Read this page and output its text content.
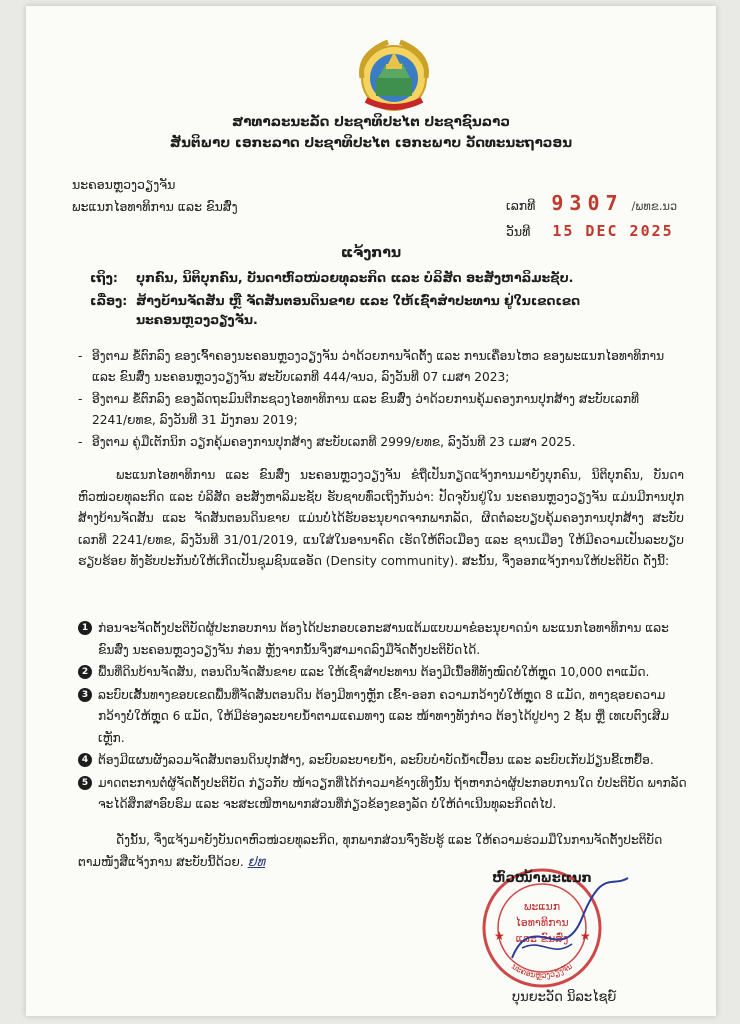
ສາທາລະນະລັດ ປະຊາທິປະໄຕ ປະຊາຊົນລາວ
ສັນຕິພາບ ເອກະລາດ ປະຊາທິປະໄຕ ເອກະພາບ ວັດທະນະຖາວອນ
ນະຄອນຫຼວງວຽງຈັນ
ພະແນກໄອທາທິການ ແລະ ຂົນສົ່ງ	ເລກທີ 9307 /ພທຂ.ນວ
ວັນທີ 15 DEC 2025
ແຈ້ງການ
ເຖິງ: ບຸກຄົນ, ນິຕິບຸກຄົນ, ບັນດາຫົວໜ່ວຍທຸລະກິດ ແລະ ບໍລິສັດ ອະສັງຫາລິມະຊັບ.
ເລື່ອງ: ສ້າງບ້ານຈັດສັນ ຫຼື ຈັດສັນຕອນດິນຂາຍ ແລະ ໃຫ້ເຊົ່າສຳປະທານ ຢູ່ໃນເຂດເຂດ
ນະຄອນຫຼວງວຽງຈັນ.
- ອີງຕາມ ຂໍ້ຕົກລົງ ຂອງເຈົ້າຄອງນະຄອນຫຼວງວຽງຈັນ ວ່າດ້ວຍການຈັດຕັ້ງ ແລະ ການເຄື່ອນໄຫວ ຂອງພະແນກໄອທາທິການ ແລະ ຂົນສົ່ງ ນະຄອນຫຼວງວຽງຈັນ ສະບັບເລກທີ 444/ຈນວ, ລົງວັນທີ 07 ເມສາ 2023;
- ອີງຕາມ ຂໍ້ຕົກລົງ ຂອງລັດຖະມົນຕີກະຊວງໄອທາທິການ ແລະ ຂົນສົ່ງ ວ່າດ້ວຍການຄຸ້ມຄອງການປຸກສ້າງ ສະບັບເລກທີ 2241/ຍທຂ, ລົງວັນທີ 31 ມັງກອນ 2019;
- ອີງຕາມ ຄູ່ມືເຕັກນິກ ວຽກຄຸ້ມຄອງການປຸກສ້າງ ສະບັບເລກທີ 2999/ຍທຂ, ລົງວັນທີ 23 ເມສາ 2025.

ພະແນກໄອທາທິການ ແລະ ຂົນສົ່ງ ນະຄອນຫຼວງວຽງຈັນ ຂໍຖືເປັນກຽດແຈ້ງການມາຍັງບຸກຄົນ, ນິຕິບຸກຄົນ, ບັນດາຫົວໜ່ວຍທຸລະກິດ ແລະ ບໍລິສັດ ອະສັງຫາລິມະຊັບ ຮັບຊາບທົ່ວເຖິງກັນວ່າ: ປັດຈຸບັນຢູ່ໃນ ນະຄອນຫຼວງວຽງຈັນ ແມ່ນມີການປຸກສ້າງບ້ານຈັດສັນ ແລະ ຈັດສັນຕອນດິນຂາຍ ແມ່ນບໍ່ໄດ້ຮັບອະນຸຍາດຈາກພາກລັດ, ຜິດຕໍ່ລະບຽບຄຸ້ມຄອງການປຸກສ້າງ ສະບັບເລກທີ 2241/ຍທຂ, ລົງວັນທີ 31/01/2019, ແນໃສ່ໃນອານາຄົດ ເຮັດໃຫ້ຕົວເມືອງ ແລະ ຊານເມືອງ ໃຫ້ມີຄວາມເປັນລະບຽບຮຽບຮ້ອຍ ທັງຮັບປະກັນບໍ່ໃຫ້ເກີດເປັນຊຸມຊົນແອອັດ (Density community). ສະນັ້ນ, ຈຶ່ງອອກແຈ້ງການໃຫ້ປະຕິບັດ ດັ່ງນີ້:

1 ກ່ອນຈະຈັດຕັ້ງປະຕິບັດຜູ້ປະກອບການ ຕ້ອງໄດ້ປະກອບເອກະສານແຕ້ມແບບມາຂໍອະນຸຍາດນຳ ພະແນກໄອທາທິການ ແລະ ຂົນສົ່ງ ນະຄອນຫຼວງວຽງຈັນ ກ່ອນ ຫຼັງຈາກນັ້ນຈຶ່ງສາມາດລົງມືຈັດຕັ້ງປະຕິບັດໄດ້.
2 ພື້ນທີ່ດິນບ້ານຈັດສັນ, ຕອນດິນຈັດສັນຂາຍ ແລະ ໃຫ້ເຊົ່າສຳປະທານ ຕ້ອງມີເນື້ອທີ່ທັງໝົດບໍ່ໃຫ້ຫຼຸດ 10,000 ຕາແມັດ.
3 ລະບົບເສັ້ນທາງຂອບເຂດພື້ນທີ່ຈັດສັນຕອນດິນ ຕ້ອງມີທາງຫຼັກ ເຂົ້າ-ອອກ ຄວາມກວ້າງບໍ່ໃຫ້ຫຼຸດ 8 ແມັດ, ທາງຊອຍຄວາມກວ້າງບໍ່ໃຫ້ຫຼຸດ 6 ແມັດ, ໃຫ້ມີຮ່ອງລະບາຍນ້ຳຕາມແຄມທາງ ແລະ ໜ້າທາງທັງກ່າວ ຕ້ອງໄດ້ປູປາງ 2 ຊັ້ນ ຫຼື ເທເບຕົງເສີມເຫຼັກ.
4 ຕ້ອງມີແຜນຜັງລວມຈັດສັນຕອນດິນປຸກສ້າງ, ລະບົບລະບາຍນ້ຳ, ລະບົບບຳບັດນ້ຳເປື້ອນ ແລະ ລະບົບເກັບມ້ຽນຂີ້ເຫຍື້ອ.
5 ມາດຕະການຕໍ່ຜູ້ຈັດຕັ້ງປະຕິບັດ ກ່ຽວກັບ ໜ້າວຽກທີ່ໄດ້ກ່າວມາຂ້າງເທິງນັ້ນ ຖ້າຫາກວ່າຜູ້ປະກອບການໃດ ບໍ່ປະຕິບັດ ພາກລັດ ຈະໄດ້ສຶກສາອົບຮົມ ແລະ ຈະສະເໜີຫາພາກສ່ວນທີ່ກ່ຽວຂ້ອງຂອງລັດ ບໍ່ໃຫ້ດຳເນີນທຸລະກິດຕໍ່ໄປ.

ດັ່ງນັ້ນ, ຈຶ່ງແຈ້ງມາຍັງບັນດາຫົວໜ່ວຍທຸລະກິດ, ທຸກພາກສ່ວນຈົ່ງຮັບຮູ້ ແລະ ໃຫ້ຄວາມຮ່ວມມືໃນການຈັດຕັ້ງປະຕິບັດຕາມໜັງສືແຈ້ງການ ສະບັບນີ້ດ້ວຍ. ຢທ

ຫົວໜ້າພະແນກ
ພະແນກ
ໄອທາທິການ
ແລະ ຂົນສົ່ງ
ນະຄອນຫຼວງວຽງຈັນ
★	★
ບຸນຍະວັດ ນິລະໄຊຍ໌
